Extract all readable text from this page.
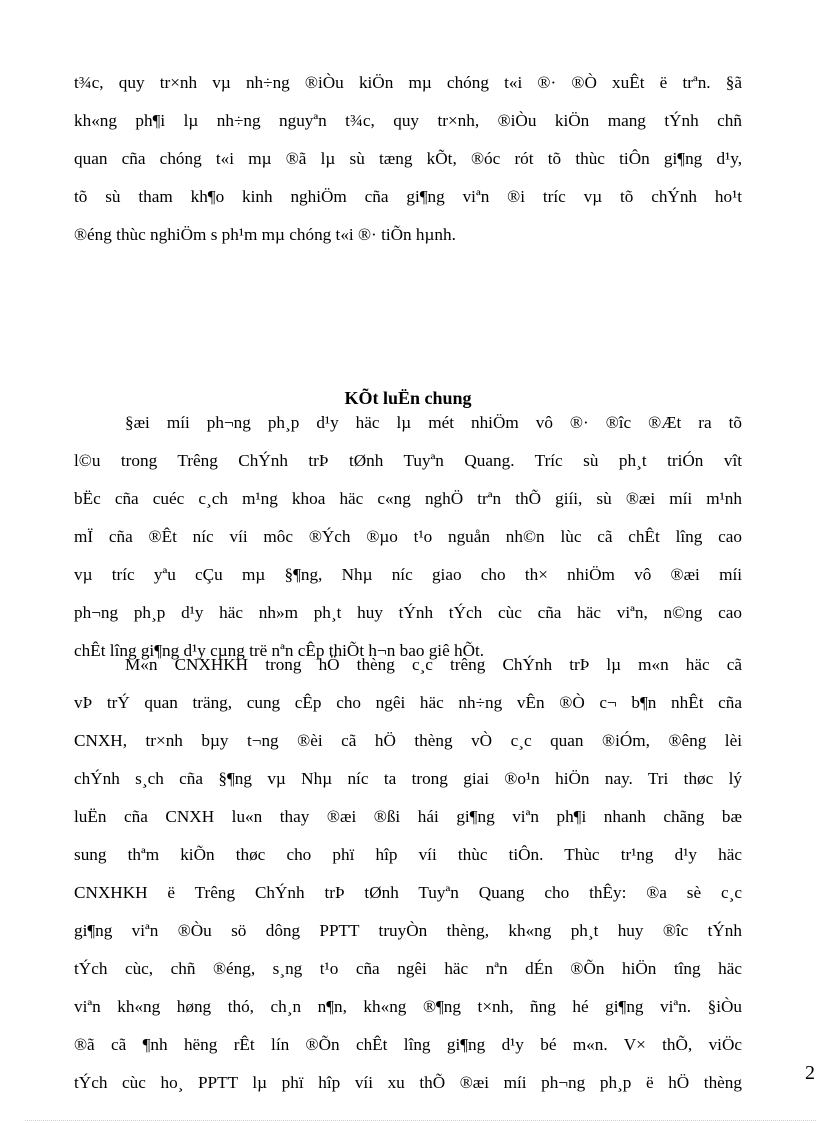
t¾c, quy tr×nh vµ nh÷ng ®iÒu kiÖn mµ chóng t«i ®· ®Ò xuÊt ë trªn. §ã
kh«ng ph¶i lµ nh÷ng nguyªn t¾c, quy tr×nh, ®iÒu kiÖn mang tÝnh chñ
quan cña chóng t«i mµ ®ã lµ sù tæng kÕt, ®óc rót tõ thùc tiÔn gi¶ng d¹y,
tõ sù tham kh¶o kinh nghiÖm cña gi¶ng viªn ®i tríc vµ tõ chÝnh ho¹t
®éng thùc nghiÖm s ph¹m mµ chóng t«i ®· tiÕn hµnh.
KÕt luËn chung
§æi míi ph¬ng ph¸p d¹y häc lµ mét nhiÖm vô ®· ®îc ®Æt ra tõ
l©u trong Trêng ChÝnh trÞ tØnh Tuyªn Quang. Tríc sù ph¸t triÓn vît
bËc cña cuéc c¸ch m¹ng khoa häc c«ng nghÖ trªn thÕ giíi, sù ®æi míi m¹nh
mÏ cña ®Êt níc víi môc ®Ých ®µo t¹o nguån nh©n lùc cã chÊt lîng cao
vµ tríc yªu cÇu mµ §¶ng, Nhµ níc giao cho th× nhiÖm vô ®æi míi
ph¬ng ph¸p d¹y häc nh»m ph¸t huy tÝnh tÝch cùc cña häc viªn, n©ng cao
chÊt lîng gi¶ng d¹y cµng trë nªn cÊp thiÕt h¬n bao giê hÕt.
M«n CNXHKH trong hÖ thèng c¸c trêng ChÝnh trÞ lµ m«n häc cã
vÞ trÝ quan träng, cung cÊp cho ngêi häc nh÷ng vÊn ®Ò c¬ b¶n nhÊt cña
CNXH, tr×nh bµy t¬ng ®èi cã hÖ thèng vÒ c¸c quan ®iÓm, ®êng lèi
chÝnh s¸ch cña §¶ng vµ Nhµ níc ta trong giai ®o¹n hiÖn nay. Tri thøc lý
luËn cña CNXH lu«n thay ®æi ®ßi hái gi¶ng viªn ph¶i nhanh chãng bæ
sung thªm kiÕn thøc cho phï hîp víi thùc tiÔn. Thùc tr¹ng d¹y häc
CNXHKH ë Trêng ChÝnh trÞ tØnh Tuyªn Quang cho thÊy: ®a sè c¸c
gi¶ng viªn ®Òu sö dông PPTT truyÒn thèng, kh«ng ph¸t huy ®îc tÝnh
tÝch cùc, chñ ®éng, s¸ng t¹o cña ngêi häc nªn dÉn ®Õn hiÖn tîng häc
viªn kh«ng høng thó, ch¸n n¶n, kh«ng ®¶ng t×nh, ñng hé gi¶ng viªn. §iÒu
®ã cã ¶nh hëng rÊt lín ®Õn chÊt lîng gi¶ng d¹y bé m«n. V× thÕ, viÖc
tÝch cùc ho¸ PPTT lµ phï hîp víi xu thÕ ®æi míi ph¬ng ph¸p ë hÖ thèng	2
